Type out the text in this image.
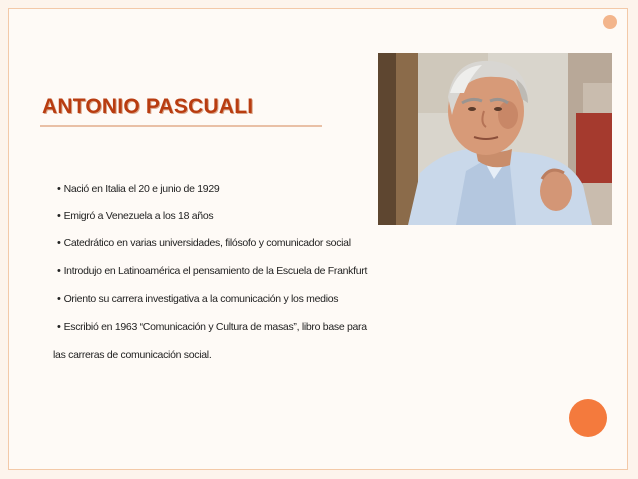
ANTONIO PASCUALI
• Nació en Italia el 20 e junio de 1929
• Emigró a Venezuela a los 18 años
• Catedrático en varias universidades, filósofo y comunicador social
• Introdujo en Latinoamérica el pensamiento de la Escuela de Frankfurt
• Oriento su carrera investigativa a la comunicación y los medios
• Escribió en 1963 “Comunicación y Cultura de masas”, libro base para
las carreras de comunicación social.
